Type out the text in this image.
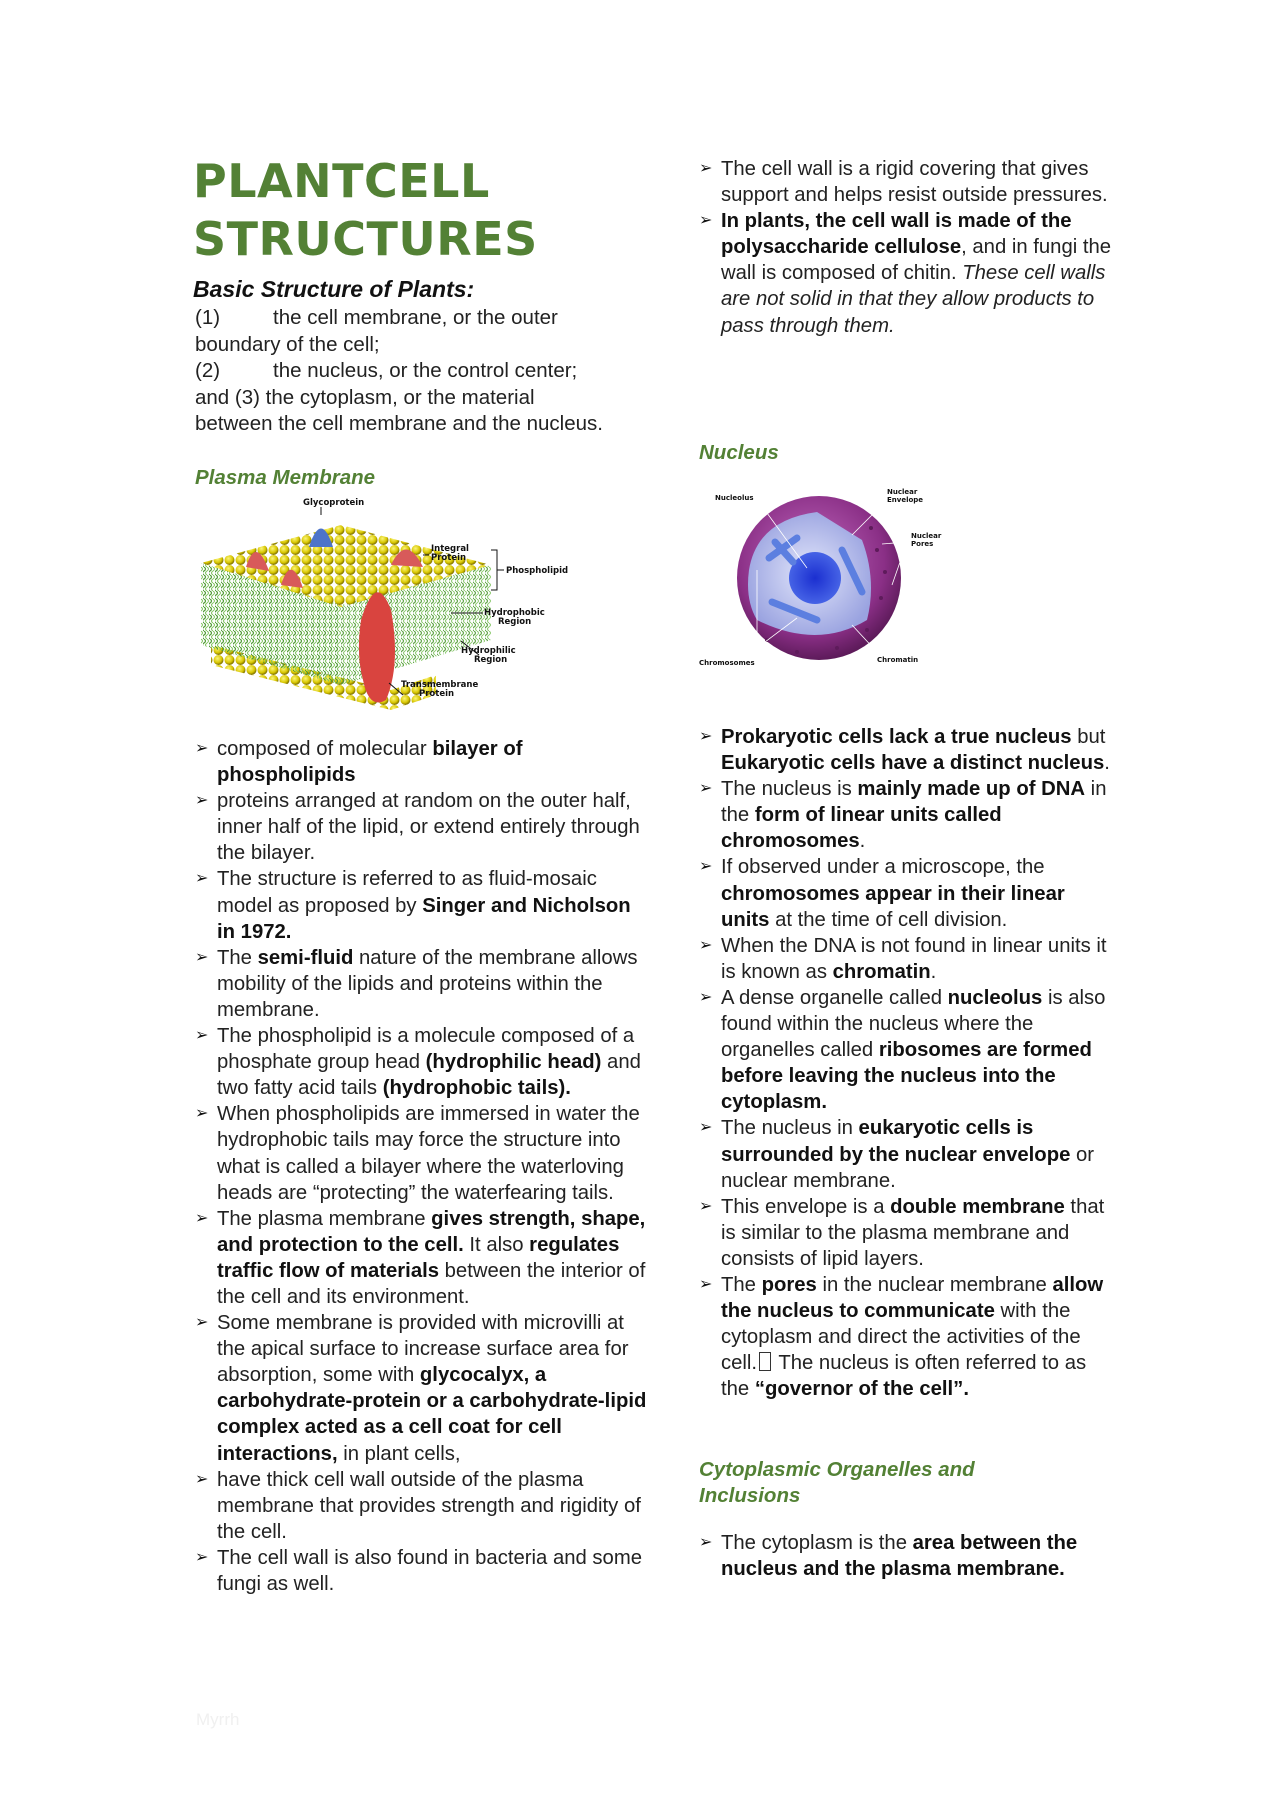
PLANTCELL
STRUCTURES
Basic Structure of Plants:
(1)	the cell membrane, or the outer
boundary of the cell;
(2)	the nucleus, or the control center;
and (3) the cytoplasm, or the material
between the cell membrane and the nucleus.
Plasma Membrane
Glycoprotein
Integral
Protein
Phospholipid
Hydrophobic
Region
Hydrophilic
Region
Transmembrane
Protein
➢ composed of molecular bilayer of phospholipids
➢ proteins arranged at random on the outer half, inner half of the lipid, or extend entirely through the bilayer.
➢ The structure is referred to as fluid-mosaic model as proposed by Singer and Nicholson in 1972.
➢ The semi-fluid nature of the membrane allows mobility of the lipids and proteins within the membrane.
➢ The phospholipid is a molecule composed of a phosphate group head (hydrophilic head) and two fatty acid tails (hydrophobic tails).
➢ When phospholipids are immersed in water the hydrophobic tails may force the structure into what is called a bilayer where the waterloving heads are “protecting” the waterfearing tails.
➢ The plasma membrane gives strength, shape, and protection to the cell. It also regulates traffic flow of materials between the interior of the cell and its environment.
➢ Some membrane is provided with microvilli at the apical surface to increase surface area for absorption, some with glycocalyx, a carbohydrate-protein or a carbohydrate-lipid complex acted as a cell coat for cell interactions, in plant cells,
➢ have thick cell wall outside of the plasma membrane that provides strength and rigidity of the cell.
➢ The cell wall is also found in bacteria and some fungi as well.
➢ The cell wall is a rigid covering that gives support and helps resist outside pressures.
➢ In plants, the cell wall is made of the polysaccharide cellulose, and in fungi the wall is composed of chitin. These cell walls are not solid in that they allow products to pass through them.
Nucleus
Nucleolus
Nuclear
Envelope
Nuclear
Pores
Chromosomes	Chromatin
➢ Prokaryotic cells lack a true nucleus but Eukaryotic cells have a distinct nucleus.
➢ The nucleus is mainly made up of DNA in the form of linear units called chromosomes.
➢ If observed under a microscope, the chromosomes appear in their linear units at the time of cell division.
➢ When the DNA is not found in linear units it is known as chromatin.
➢ A dense organelle called nucleolus is also found within the nucleus where the organelles called ribosomes are formed before leaving the nucleus into the cytoplasm.
➢ The nucleus in eukaryotic cells is surrounded by the nuclear envelope or nuclear membrane.
➢ This envelope is a double membrane that is similar to the plasma membrane and consists of lipid layers.
➢ The pores in the nuclear membrane allow the nucleus to communicate with the cytoplasm and direct the activities of the cell. The nucleus is often referred to as the “governor of the cell”.
Cytoplasmic Organelles and Inclusions
➢ The cytoplasm is the area between the nucleus and the plasma membrane.
Myrrh
